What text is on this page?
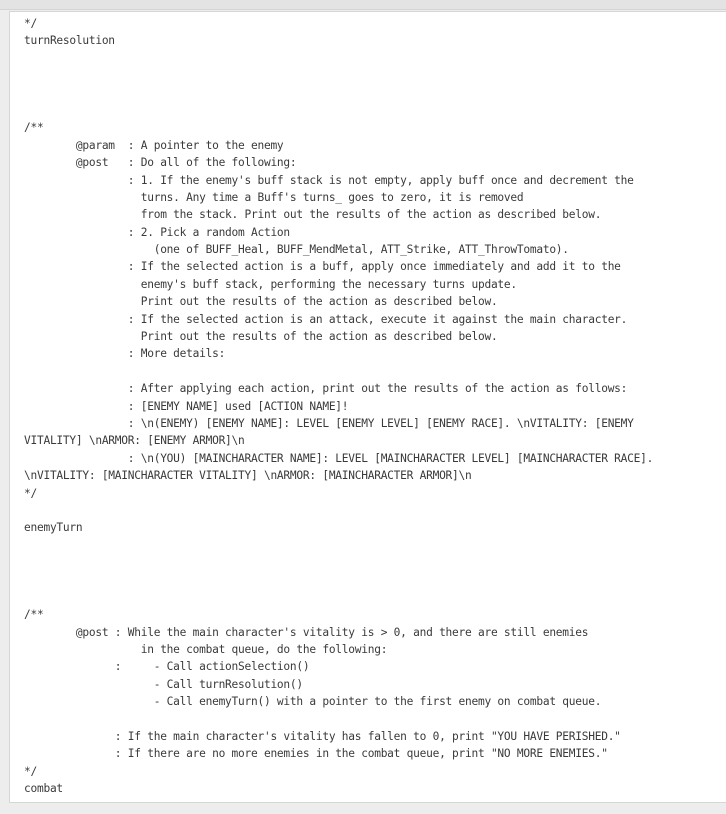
*/
turnResolution
/**
@param  : A pointer to the enemy
@post   : Do all of the following:
: 1. If the enemy's buff stack is not empty, apply buff once and decrement the
turns. Any time a Buff's turns_ goes to zero, it is removed
from the stack. Print out the results of the action as described below.
: 2. Pick a random Action
(one of BUFF_Heal, BUFF_MendMetal, ATT_Strike, ATT_ThrowTomato).
: If the selected action is a buff, apply once immediately and add it to the
enemy's buff stack, performing the necessary turns update.
Print out the results of the action as described below.
: If the selected action is an attack, execute it against the main character.
Print out the results of the action as described below.
: More details:
: After applying each action, print out the results of the action as follows:
: [ENEMY NAME] used [ACTION NAME]!
: \n(ENEMY) [ENEMY NAME]: LEVEL [ENEMY LEVEL] [ENEMY RACE]. \nVITALITY: [ENEMY
VITALITY] \nARMOR: [ENEMY ARMOR]\n
: \n(YOU) [MAINCHARACTER NAME]: LEVEL [MAINCHARACTER LEVEL] [MAINCHARACTER RACE].
\nVITALITY: [MAINCHARACTER VITALITY] \nARMOR: [MAINCHARACTER ARMOR]\n
*/
enemyTurn
/**
@post : While the main character's vitality is > 0, and there are still enemies
in the combat queue, do the following:
:     - Call actionSelection()
- Call turnResolution()
- Call enemyTurn() with a pointer to the first enemy on combat queue.
: If the main character's vitality has fallen to 0, print "YOU HAVE PERISHED."
: If there are no more enemies in the combat queue, print "NO MORE ENEMIES."
*/
combat
